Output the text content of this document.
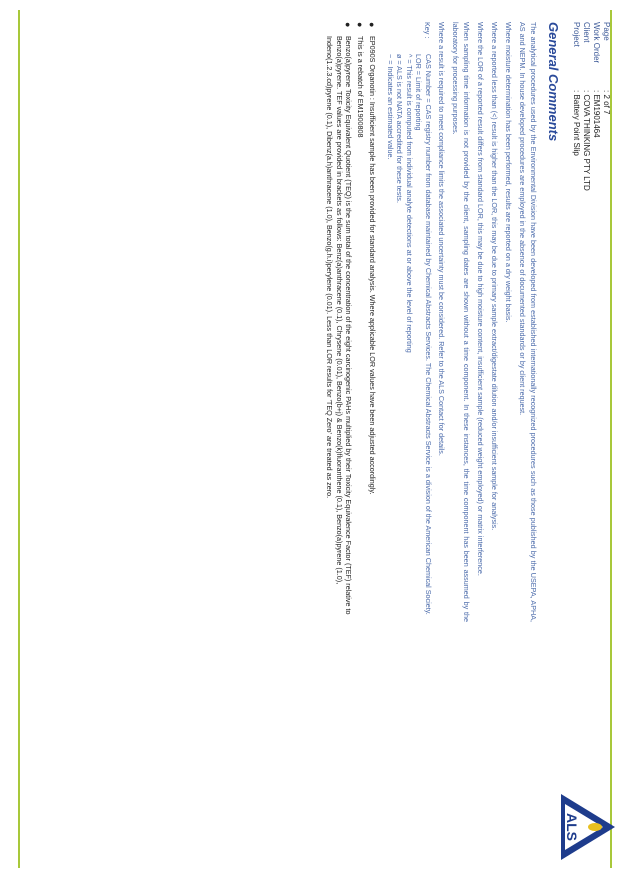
Page
: 2 of 7
Work Order
: EM1901464
Client
: COVA THINKING PTY LTD
Project
: Battery Point Slip
ALS
General Comments

The analytical procedures used by the Environmental Division have been developed from established internationally recognized procedures such as those published by the USEPA, APHA, AS and NEPM. In house developed procedures are employed in the absence of documented standards or by client request.

Where moisture determination has been performed, results are reported on a dry weight basis.

Where a reported less than (<) result is higher than the LOR, this may be due to primary sample extract/digestate dilution and/or insufficient sample for analysis.

Where the LOR of a reported result differs from standard LOR, this may be due to high moisture content, insufficient sample (reduced weight employed) or matrix interference.

When sampling time information is not provided by the client, sampling dates are shown without a time component. In these instances, the time component has been assumed by the laboratory for processing purposes.

Where a result is required to meet compliance limits the associated uncertainty must be considered. Refer to the ALS Contact for details.

Key :
CAS Number = CAS registry number from database maintained by Chemical Abstracts Services. The Chemical Abstracts Service is a division of the American Chemical Society.
LOR = Limit of reporting
^ = This result is computed from individual analyte detections at or above the level of reporting
ø = ALS is not NATA accredited for these tests.
~ = Indicates an estimated value.
●
EP090S Organotin : Insufficient sample has been provided for standard analysis. Where applicable LOR values have been adjusted accordingly.
●
This is a rebatch of EM1900808
●
Benzo(a)pyrene Toxicity Equivalent Quotient (TEQ) is the sum total of the concentration of the eight carcinogenic PAHs multiplied by their Toxicity Equivalence Factor (TEF) relative to Benzo(a)pyrene. TEF values are provided in brackets as follows: Benz(a)anthracene (0.1), Chrysene (0.01), Benzo(b+j) & Benzo(k)fluoranthene (0.1), Benzo(a)pyrene (1.0), Indeno(1.2.3.cd)pyrene (0.1), Dibenz(a.h)anthracene (1.0), Benzo(g.h.i)perylene (0.01). Less than LOR results for 'TEQ Zero' are treated as zero.
